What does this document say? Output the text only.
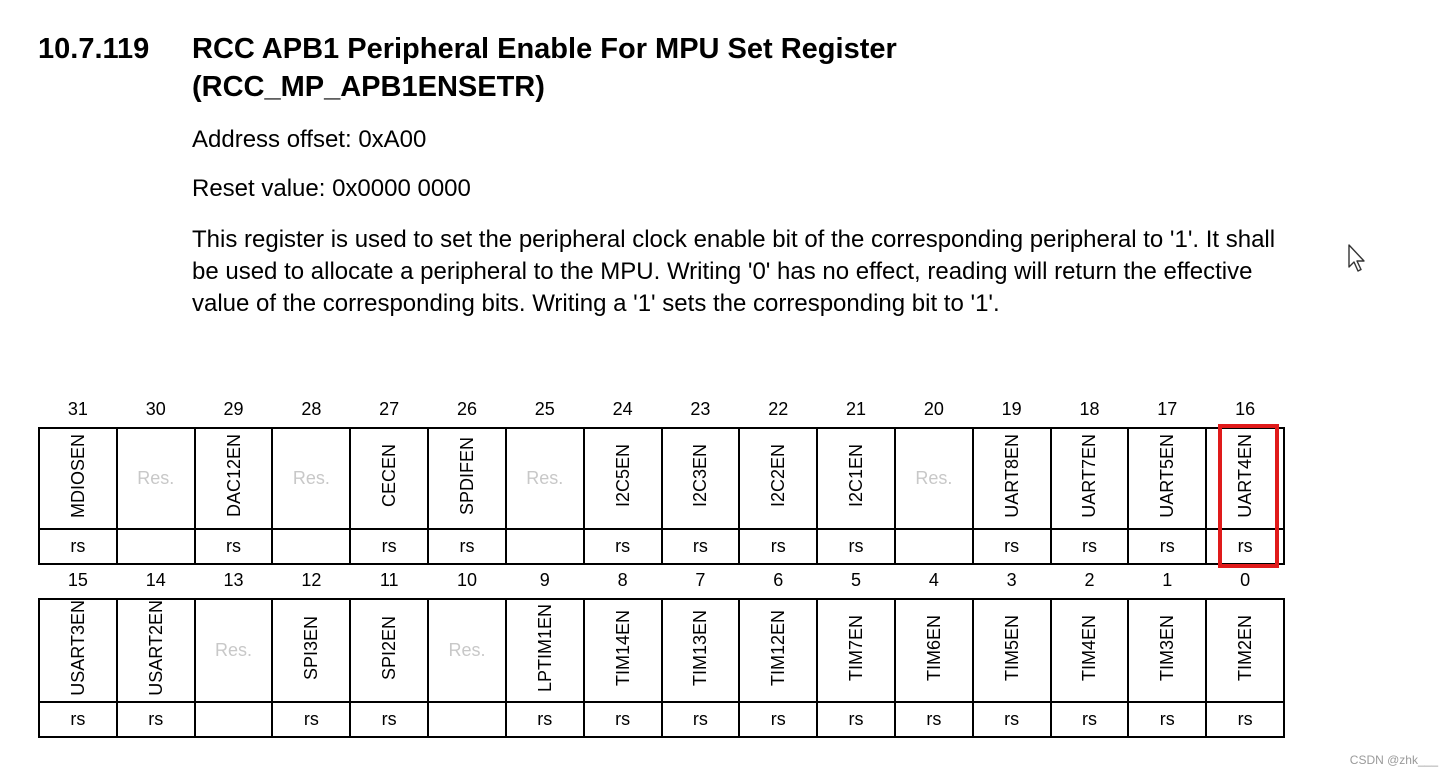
10.7.119 RCC APB1 Peripheral Enable For MPU Set Register
(RCC_MP_APB1ENSETR)
Address offset: 0xA00
Reset value: 0x0000 0000
This register is used to set the peripheral clock enable bit of the corresponding peripheral to '1'. It shall be used to allocate a peripheral to the MPU. Writing '0' has no effect, reading will return the effective value of the corresponding bits. Writing a '1' sets the corresponding bit to '1'.
31	30	29	28	27	26	25	24	23	22	21	20	19	18	17	16
MDIOSEN	Res.	DAC12EN	Res.	CECEN	SPDIFEN	Res.	I2C5EN	I2C3EN	I2C2EN	I2C1EN	Res.	UART8EN	UART7EN	UART5EN	UART4EN
rs		rs		rs	rs		rs	rs	rs	rs		rs	rs	rs	rs
15	14	13	12	11	10	9	8	7	6	5	4	3	2	1	0
USART3EN	USART2EN	Res.	SPI3EN	SPI2EN	Res.	LPTIM1EN	TIM14EN	TIM13EN	TIM12EN	TIM7EN	TIM6EN	TIM5EN	TIM4EN	TIM3EN	TIM2EN
rs	rs		rs	rs		rs	rs	rs	rs	rs	rs	rs	rs	rs	rs
CSDN @zhk___
